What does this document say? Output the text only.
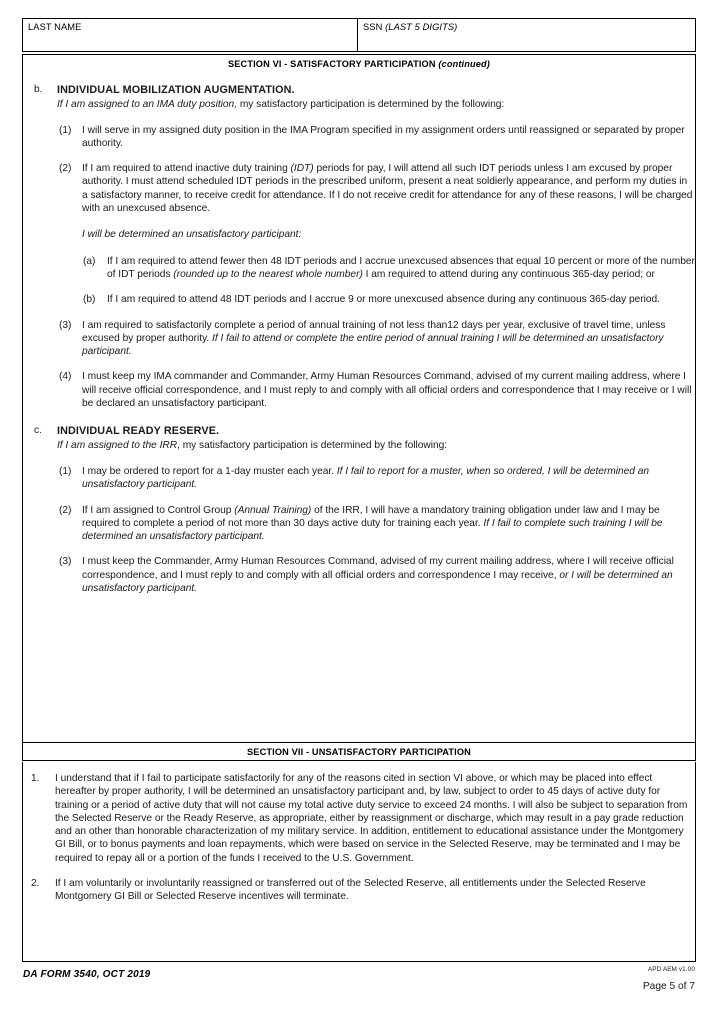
LAST NAME	SSN (LAST 5 DIGITS)
SECTION VI - SATISFACTORY PARTICIPATION (continued)
b. INDIVIDUAL MOBILIZATION AUGMENTATION.
If I am assigned to an IMA duty position, my satisfactory participation is determined by the following:
(1) I will serve in my assigned duty position in the IMA Program specified in my assignment orders until reassigned or separated by proper authority.
(2) If I am required to attend inactive duty training (IDT) periods for pay, I will attend all such IDT periods unless I am excused by proper authority. I must attend scheduled IDT periods in the prescribed uniform, present a neat soldierly appearance, and perform my duties in a satisfactory manner, to receive credit for attendance. If I do not receive credit for attendance for any of these reasons, I will be charged with an unexcused absence.
I will be determined an unsatisfactory participant:
(a) If I am required to attend fewer then 48 IDT periods and I accrue unexcused absences that equal 10 percent or more of the number of IDT periods (rounded up to the nearest whole number) I am required to attend during any continuous 365-day period; or
(b) If I am required to attend 48 IDT periods and I accrue 9 or more unexcused absence during any continuous 365-day period.
(3) I am required to satisfactorily complete a period of annual training of not less than12 days per year, exclusive of travel time, unless excused by proper authority. If I fail to attend or complete the entire period of annual training I will be determined an unsatisfactory participant.
(4) I must keep my IMA commander and Commander, Army Human Resources Command, advised of my current mailing address, where I will receive official correspondence, and I must reply to and comply with all official orders and correspondence that I may receive or I will be declared an unsatisfactory participant.
c. INDIVIDUAL READY RESERVE.
If I am assigned to the IRR, my satisfactory participation is determined by the following:
(1) I may be ordered to report for a 1-day muster each year. If I fail to report for a muster, when so ordered, I will be determined an unsatisfactory participant.
(2) If I am assigned to Control Group (Annual Training) of the IRR, I will have a mandatory training obligation under law and I may be required to complete a period of not more than 30 days active duty for training each year. If I fail to complete such training I will be determined an unsatisfactory participant.
(3) I must keep the Commander, Army Human Resources Command, advised of my current mailing address, where I will receive official correspondence, and I must reply to and comply with all official orders and correspondence I may receive, or I will be determined an unsatisfactory participant.
SECTION VII - UNSATISFACTORY PARTICIPATION
1. I understand that if I fail to participate satisfactorily for any of the reasons cited in section VI above, or which may be placed into effect hereafter by proper authority, I will be determined an unsatisfactory participant and, by law, subject to order to 45 days of active duty for training or a period of active duty that will not cause my total active duty service to exceed 24 months. I will also be subject to separation from the Selected Reserve or the Ready Reserve, as appropriate, either by reassignment or discharge, which may result in a pay grade reduction and an other than honorable characterization of my military service. In addition, entitlement to educational assistance under the Montgomery GI Bill, or to bonus payments and loan repayments, which were based on service in the Selected Reserve, may be terminated and I may be required to repay all or a portion of the funds I received to the U.S. Government.
2. If I am voluntarily or involuntarily reassigned or transferred out of the Selected Reserve, all entitlements under the Selected Reserve Montgomery GI Bill or Selected Reserve incentives will terminate.
DA FORM 3540, OCT 2019	APD AEM v1.00
Page 5 of 7
